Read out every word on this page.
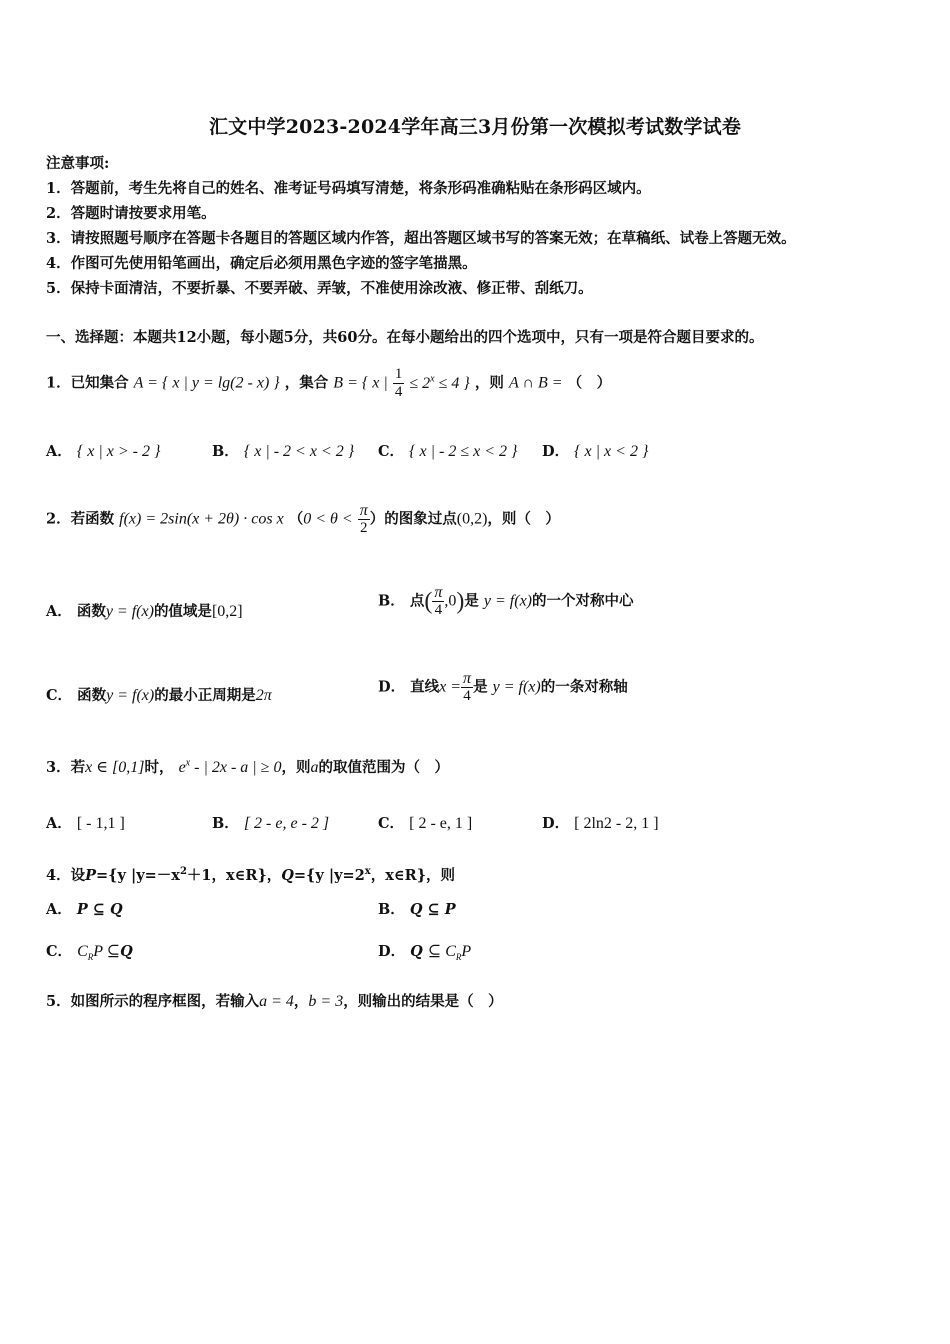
汇文中学2023-2024学年高三3月份第一次模拟考试数学试卷
注意事项:
1．答题前，考生先将自己的姓名、准考证号码填写清楚，将条形码准确粘贴在条形码区域内。
2．答题时请按要求用笔。
3．请按照题号顺序在答题卡各题目的答题区域内作答，超出答题区域书写的答案无效；在草稿纸、试卷上答题无效。
4．作图可先使用铅笔画出，确定后必须用黑色字迹的签字笔描黑。
5．保持卡面清洁，不要折暴、不要弄破、弄皱，不准使用涂改液、修正带、刮纸刀。
一、选择题：本题共12小题，每小题5分，共60分。在每小题给出的四个选项中，只有一项是符合题目要求的。
1．已知集合 A = { x | y = lg(2 - x) } ，集合 B = { x | $\frac{1}{4} \le 2^x \le 4$ } ，则 A ∩ B = （　）
A． { x | x > - 2 }	B． { x | - 2 < x < 2 } C． { x | - 2 ≤ x < 2 } D． { x | x < 2 }
2．若函数 f(x) = 2sin(x + 2θ) · cos x （$0 < \theta < \frac{\pi}{2}$ ）的图象过点(0,2)，则（　）
A． 函数y = f(x)的值域是[0,2]
B． 点( $\frac{\pi}{4} ,0$)是 y = f(x)的一个对称中心
C． 函数y = f(x)的最小正周期是2π	D． 直线$x = \frac{\pi}{4}$ 是 y = f(x)的一条对称轴
3．若x ∈ [0,1]时， $e^x$ - | 2x - a | ≥ 0，则a的取值范围为（　）
A． [ - 1,1 ]	B． [ 2 - e, e - 2 ]	C． [ 2 - e, 1 ]	D． [ 2ln2 - 2, 1 ]
4．设P={y $|y=-x^2+1$，x∈R}，Q={y $|y=2^x$，x∈R}，则
A． P ⊆ Q	B． Q ⊆ P
C． $C_RP$ ⊆Q	D． Q ⊆ $C_RP$
5．如图所示的程序框图，若输入a = 4，b = 3，则输出的结果是（　）
